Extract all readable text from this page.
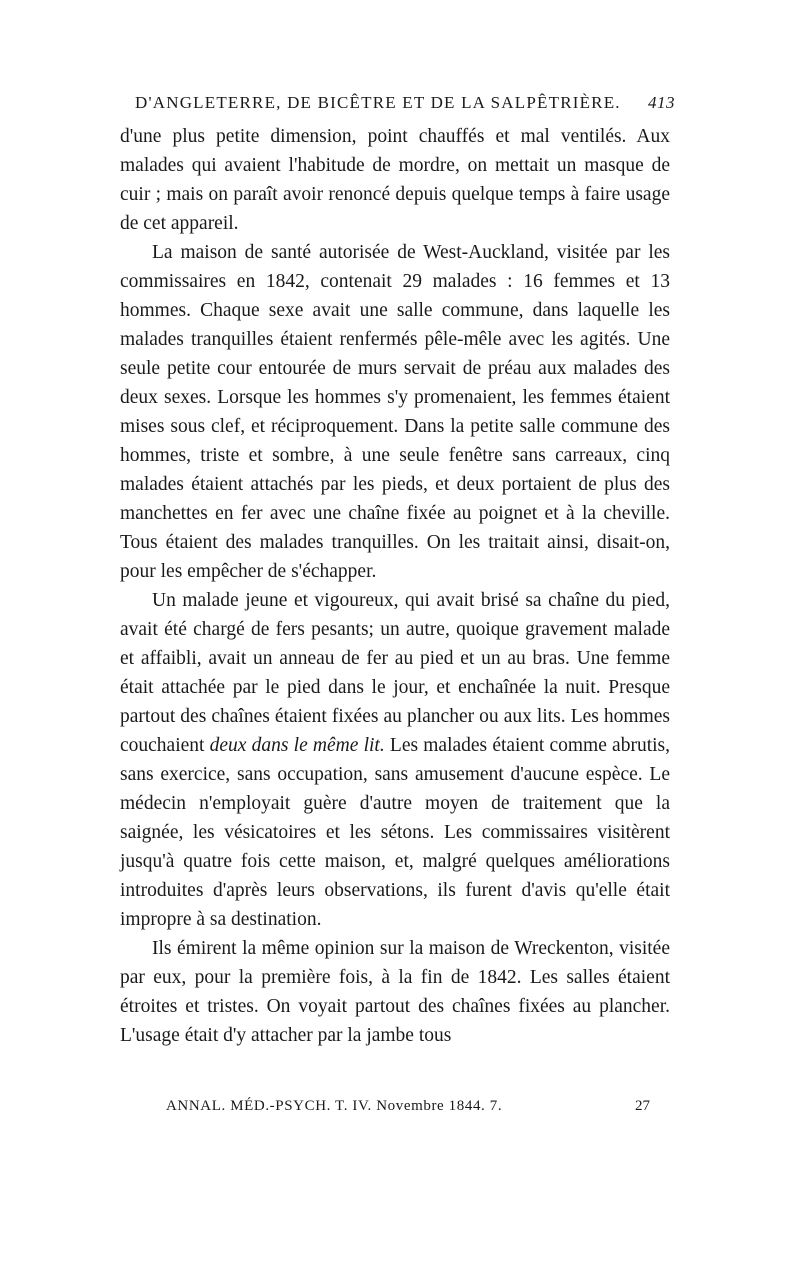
D'ANGLETERRE, DE BICÊTRE ET DE LA SALPÊTRIÈRE. 413

d'une plus petite dimension, point chauffés et mal ventilés. Aux malades qui avaient l'habitude de mordre, on mettait un masque de cuir ; mais on paraît avoir renoncé depuis quelque temps à faire usage de cet appareil.

La maison de santé autorisée de West-Auckland, visitée par les commissaires en 1842, contenait 29 malades : 16 femmes et 13 hommes. Chaque sexe avait une salle commune, dans laquelle les malades tranquilles étaient renfermés pêle-mêle avec les agités. Une seule petite cour entourée de murs servait de préau aux malades des deux sexes. Lorsque les hommes s'y promenaient, les femmes étaient mises sous clef, et réciproquement. Dans la petite salle commune des hommes, triste et sombre, à une seule fenêtre sans carreaux, cinq malades étaient attachés par les pieds, et deux portaient de plus des manchettes en fer avec une chaîne fixée au poignet et à la cheville. Tous étaient des malades tranquilles. On les traitait ainsi, disait-on, pour les empêcher de s'échapper.

Un malade jeune et vigoureux, qui avait brisé sa chaîne du pied, avait été chargé de fers pesants; un autre, quoique gravement malade et affaibli, avait un anneau de fer au pied et un au bras. Une femme était attachée par le pied dans le jour, et enchaînée la nuit. Presque partout des chaînes étaient fixées au plancher ou aux lits. Les hommes couchaient deux dans le même lit. Les malades étaient comme abrutis, sans exercice, sans occupation, sans amusement d'aucune espèce. Le médecin n'employait guère d'autre moyen de traitement que la saignée, les vésicatoires et les sétons. Les commissaires visitèrent jusqu'à quatre fois cette maison, et, malgré quelques améliorations introduites d'après leurs observations, ils furent d'avis qu'elle était impropre à sa destination.

Ils émirent la même opinion sur la maison de Wreckenton, visitée par eux, pour la première fois, à la fin de 1842. Les salles étaient étroites et tristes. On voyait partout des chaînes fixées au plancher. L'usage était d'y attacher par la jambe tous

ANNAL. MÉD.-PSYCH. T. IV. Novembre 1844. 7.	27
